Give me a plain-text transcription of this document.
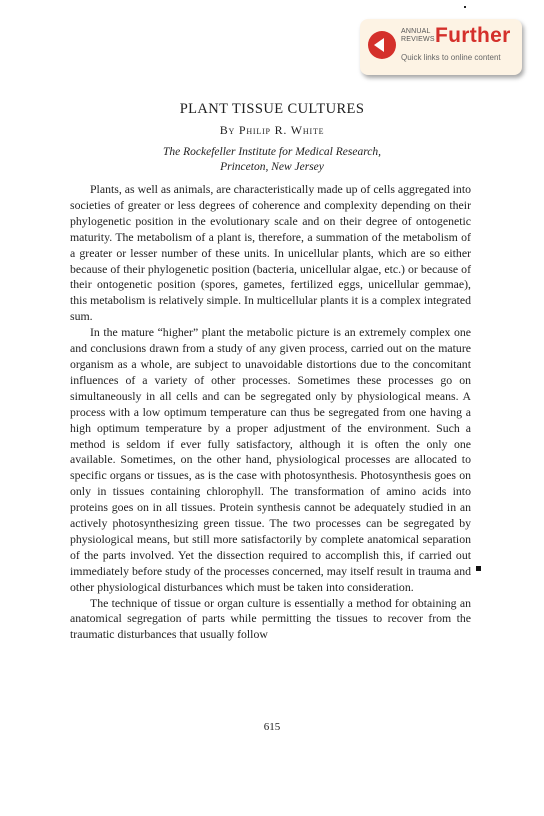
ANNUAL
REVIEWS Further
Quick links to online content
PLANT TISSUE CULTURES
By Philip R. White
The Rockefeller Institute for Medical Research,
Princeton, New Jersey

Plants, as well as animals, are characteristically made up of cells aggregated into societies of greater or less degrees of coherence and complexity depending on their phylogenetic position in the evolutionary scale and on their degree of ontogenetic maturity. The metabolism of a plant is, therefore, a summation of the metabolism of a greater or lesser number of these units. In unicellular plants, which are so either because of their phylogenetic position (bacteria, unicellular algae, etc.) or because of their ontogenetic position (spores, gametes, fertilized eggs, unicellular gemmae), this metabolism is relatively simple. In multicellular plants it is a complex integrated sum.

In the mature “higher” plant the metabolic picture is an extremely complex one and conclusions drawn from a study of any given process, carried out on the mature organism as a whole, are subject to unavoidable distortions due to the concomitant influences of a variety of other processes. Sometimes these processes go on simultaneously in all cells and can be segregated only by physiological means. A process with a low optimum temperature can thus be segregated from one having a high optimum temperature by a proper adjustment of the environment. Such a method is seldom if ever fully satisfactory, although it is often the only one available. Sometimes, on the other hand, physiological processes are allocated to specific organs or tissues, as is the case with photosynthesis. Photosynthesis goes on only in tissues containing chlorophyll. The transformation of amino acids into proteins goes on in all tissues. Protein synthesis cannot be adequately studied in an actively photosynthesizing green tissue. The two processes can be segregated by physiological means, but still more satisfactorily by complete anatomical separation of the parts involved. Yet the dissection required to accomplish this, if carried out immediately before study of the processes concerned, may itself result in trauma and other physiological disturbances which must be taken into consideration.

The technique of tissue or organ culture is essentially a method for obtaining an anatomical segregation of parts while permitting the tissues to recover from the traumatic disturbances that usually follow

615
